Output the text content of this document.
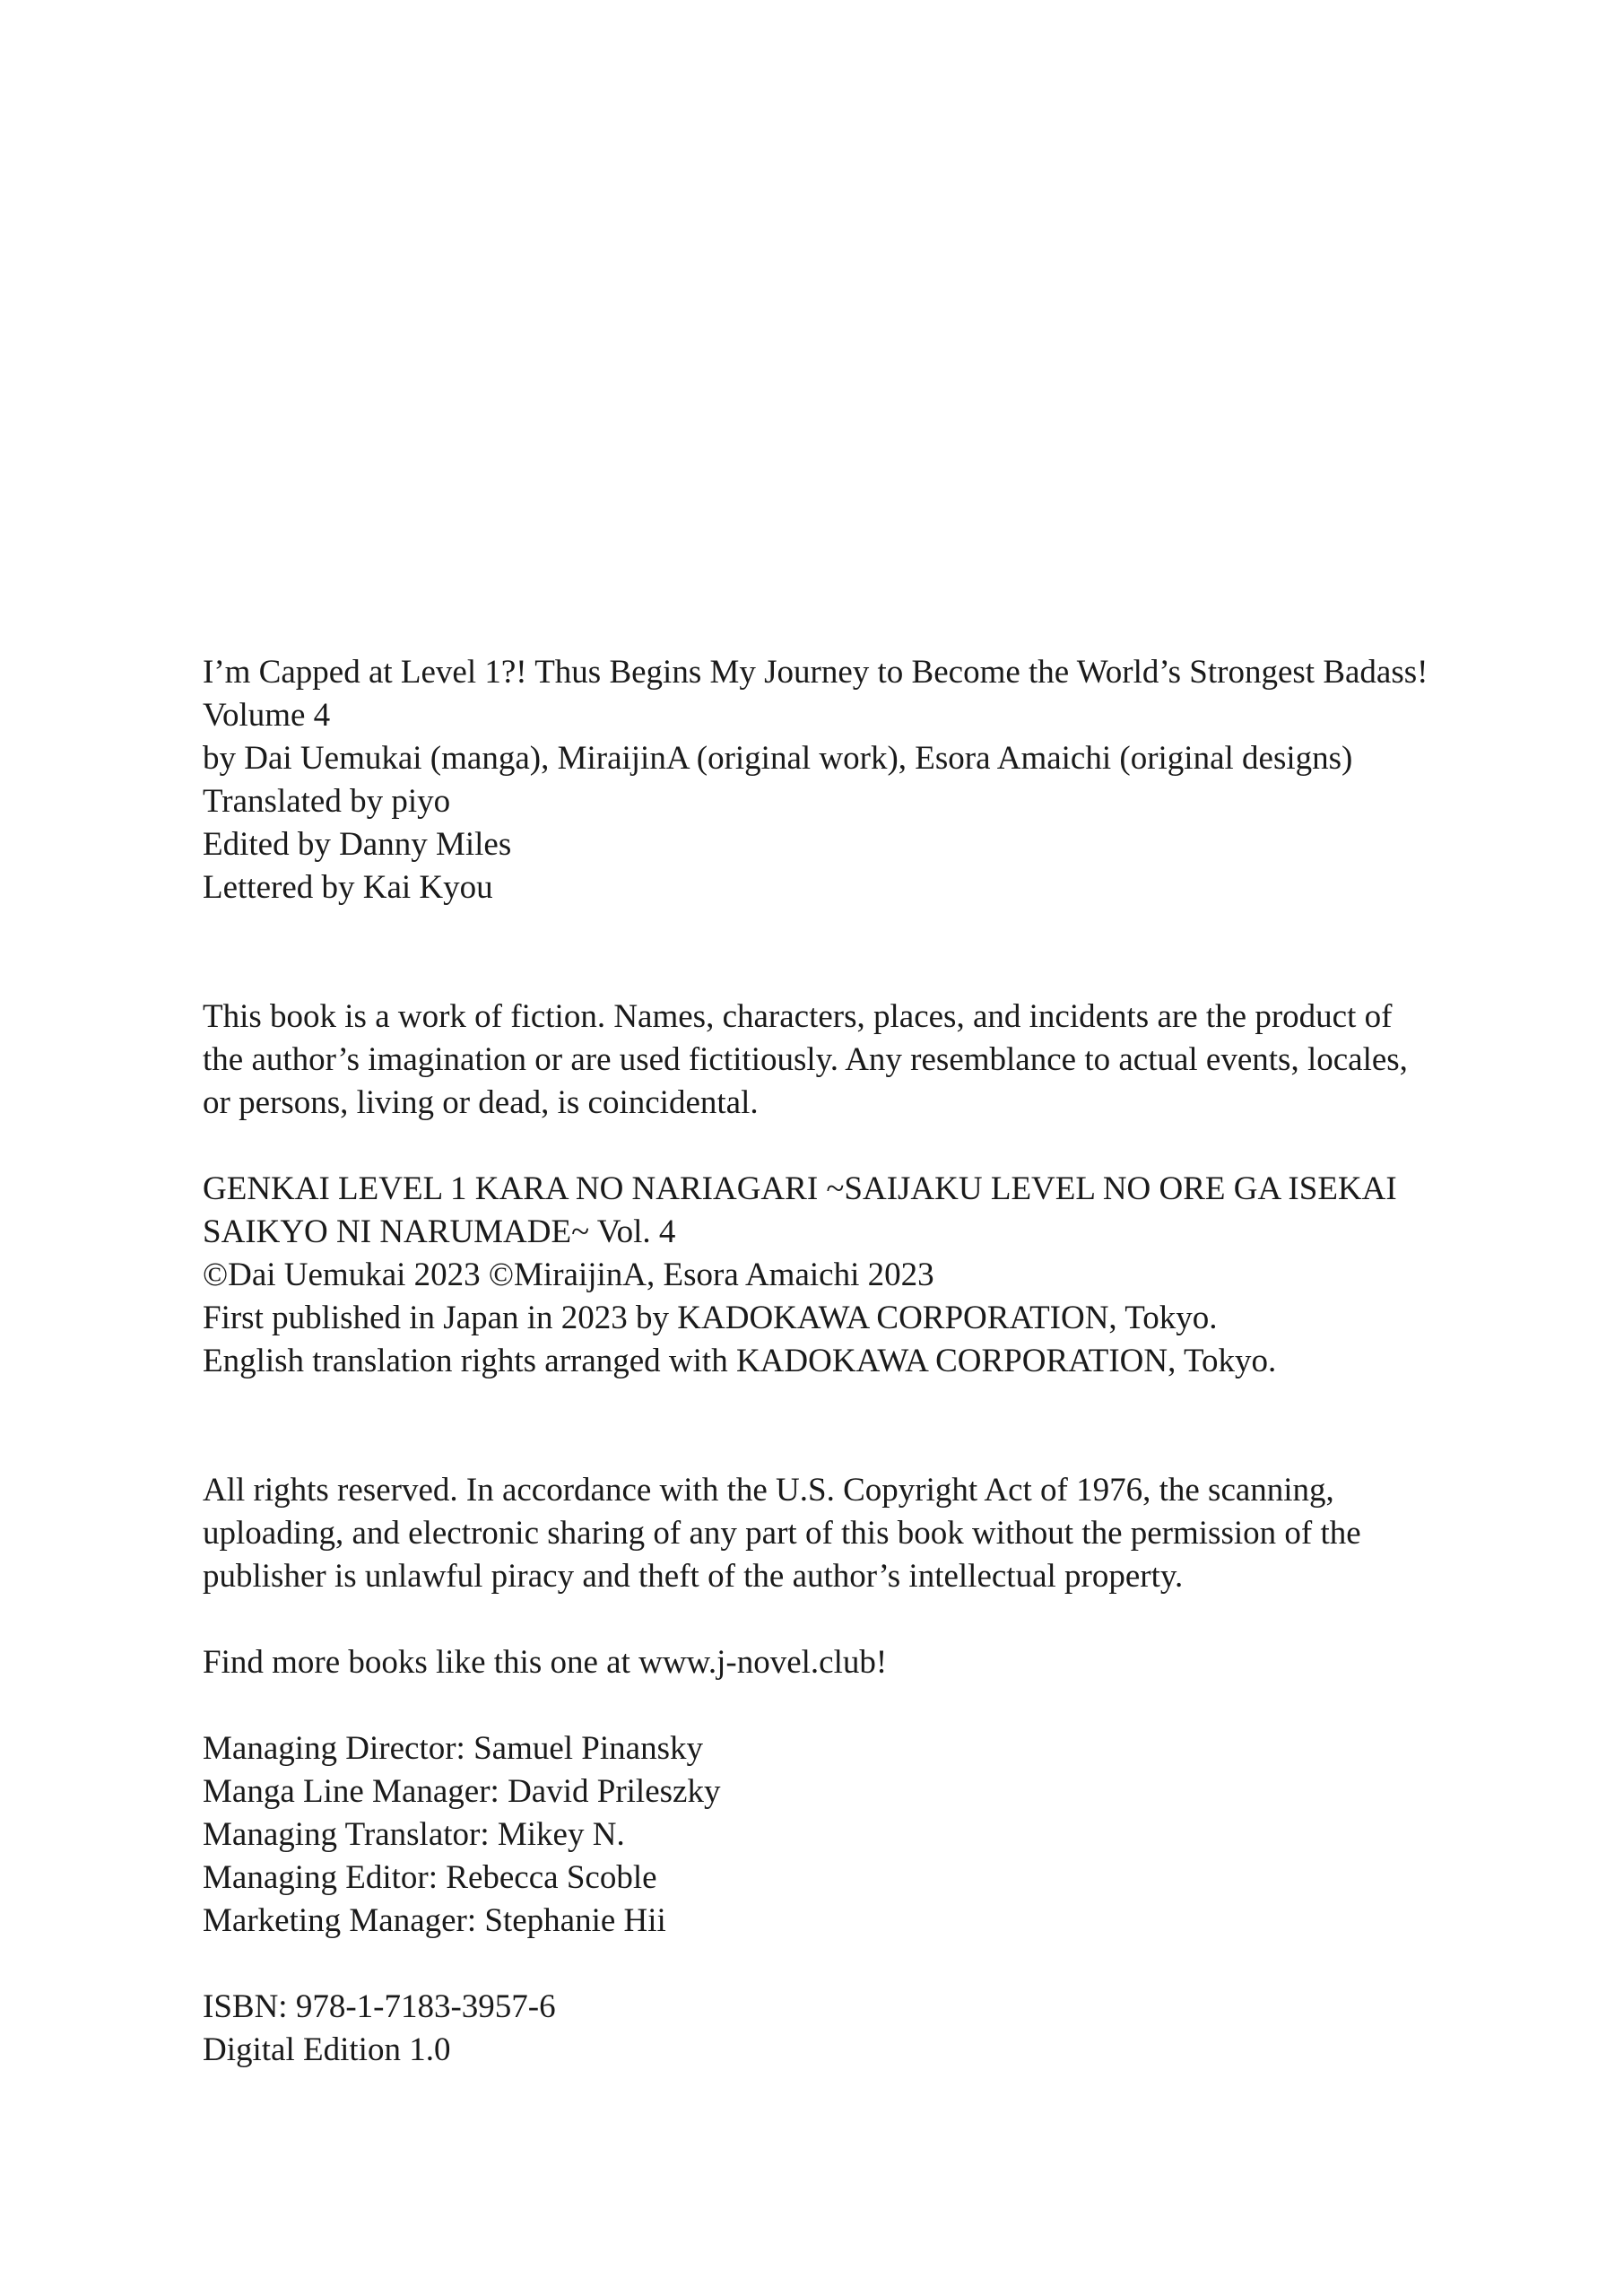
I’m Capped at Level 1?! Thus Begins My Journey to Become the World’s Strongest Badass!
Volume 4
by Dai Uemukai (manga), MiraijinA (original work), Esora Amaichi (original designs)
Translated by piyo
Edited by Danny Miles
Lettered by Kai Kyou
This book is a work of fiction. Names, characters, places, and incidents are the product of
the author’s imagination or are used fictitiously. Any resemblance to actual events, locales,
or persons, living or dead, is coincidental.
GENKAI LEVEL 1 KARA NO NARIAGARI ~SAIJAKU LEVEL NO ORE GA ISEKAI
SAIKYO NI NARUMADE~ Vol. 4
©Dai Uemukai 2023 ©MiraijinA, Esora Amaichi 2023
First published in Japan in 2023 by KADOKAWA CORPORATION, Tokyo.
English translation rights arranged with KADOKAWA CORPORATION, Tokyo.
All rights reserved. In accordance with the U.S. Copyright Act of 1976, the scanning,
uploading, and electronic sharing of any part of this book without the permission of the
publisher is unlawful piracy and theft of the author’s intellectual property.
Find more books like this one at www.j-novel.club!
Managing Director: Samuel Pinansky
Manga Line Manager: David Prileszky
Managing Translator: Mikey N.
Managing Editor: Rebecca Scoble
Marketing Manager: Stephanie Hii
ISBN: 978-1-7183-3957-6
Digital Edition 1.0
